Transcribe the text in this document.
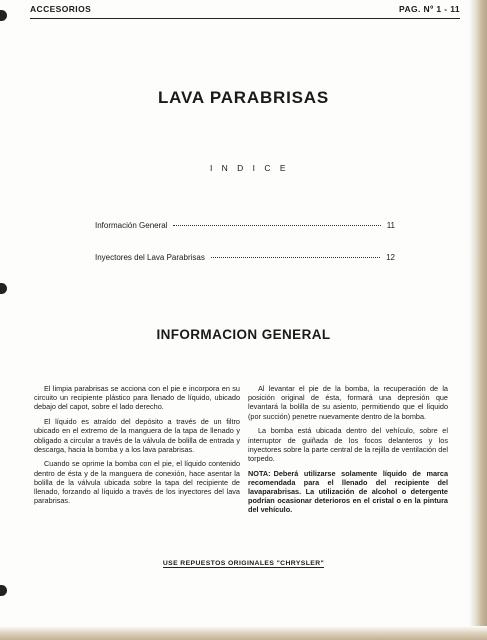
ACCESORIOS	PAG. Nº 1 - 11
LAVA PARABRISAS
I N D I C E
Información General	11
Inyectores del Lava Parabrisas	12
INFORMACION GENERAL

El limpia parabrisas se acciona con el pie e incorpora en su circuito un recipiente plástico para llenado de líquido, ubicado debajo del capot, sobre el lado derecho.

El líquido es atraído del depósito a través de un filtro ubicado en el extremo de la manguera de la tapa de llenado y obligado a circular a través de la válvula de bolilla de entrada y descarga, hacia la bomba y a los lava parabrisas.

Cuando se oprime la bomba con el pie, el líquido contenido dentro de ésta y de la manguera de conexión, hace asentar la bolilla de la válvula ubicada sobre la tapa del recipiente de llenado, forzando al líquido a través de los inyectores del lava parabrisas.

Al levantar el pie de la bomba, la recuperación de la posición original de ésta, formará una depresión que levantará la bolilla de su asiento, permitiendo que el líquido (por succión) penetre nuevamente dentro de la bomba.

La bomba está ubicada dentro del vehículo, sobre el interruptor de guiñada de los focos delanteros y los inyectores sobre la parte central de la rejilla de ventilación del torpedo.

NOTA: Deberá utilizarse solamente líquido de marca recomendada para el llenado del recipiente del lavaparabrisas. La utilización de alcohol o detergente podrían ocasionar deterioros en el cristal o en la pintura del vehículo.

USE REPUESTOS ORIGINALES "CHRYSLER"
